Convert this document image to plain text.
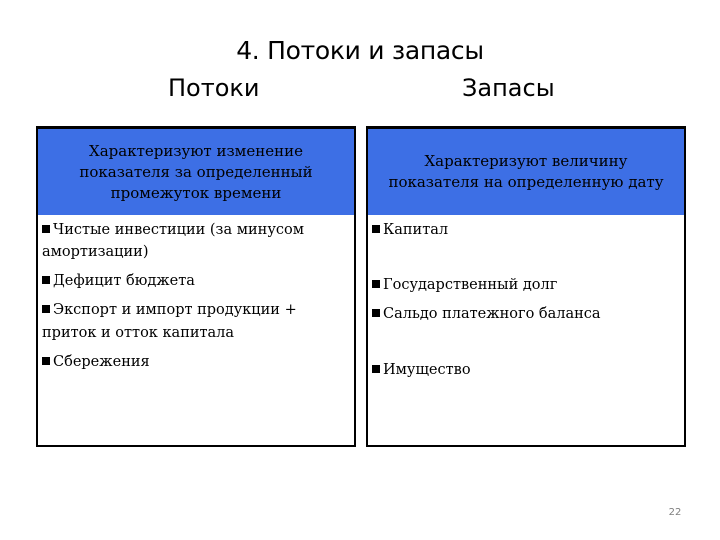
4. Потоки и запасы
Потоки	Запасы
Характеризуют изменение показателя за определенный промежуток времени
Характеризуют величину показателя на определенную дату
Чистые инвестиции (за минусом
амортизации)
Дефицит бюджета
Экспорт и импорт продукции +
приток и отток капитала
Сбережения
Капитал
Государственный долг
Сальдо платежного баланса
Имущество
22
